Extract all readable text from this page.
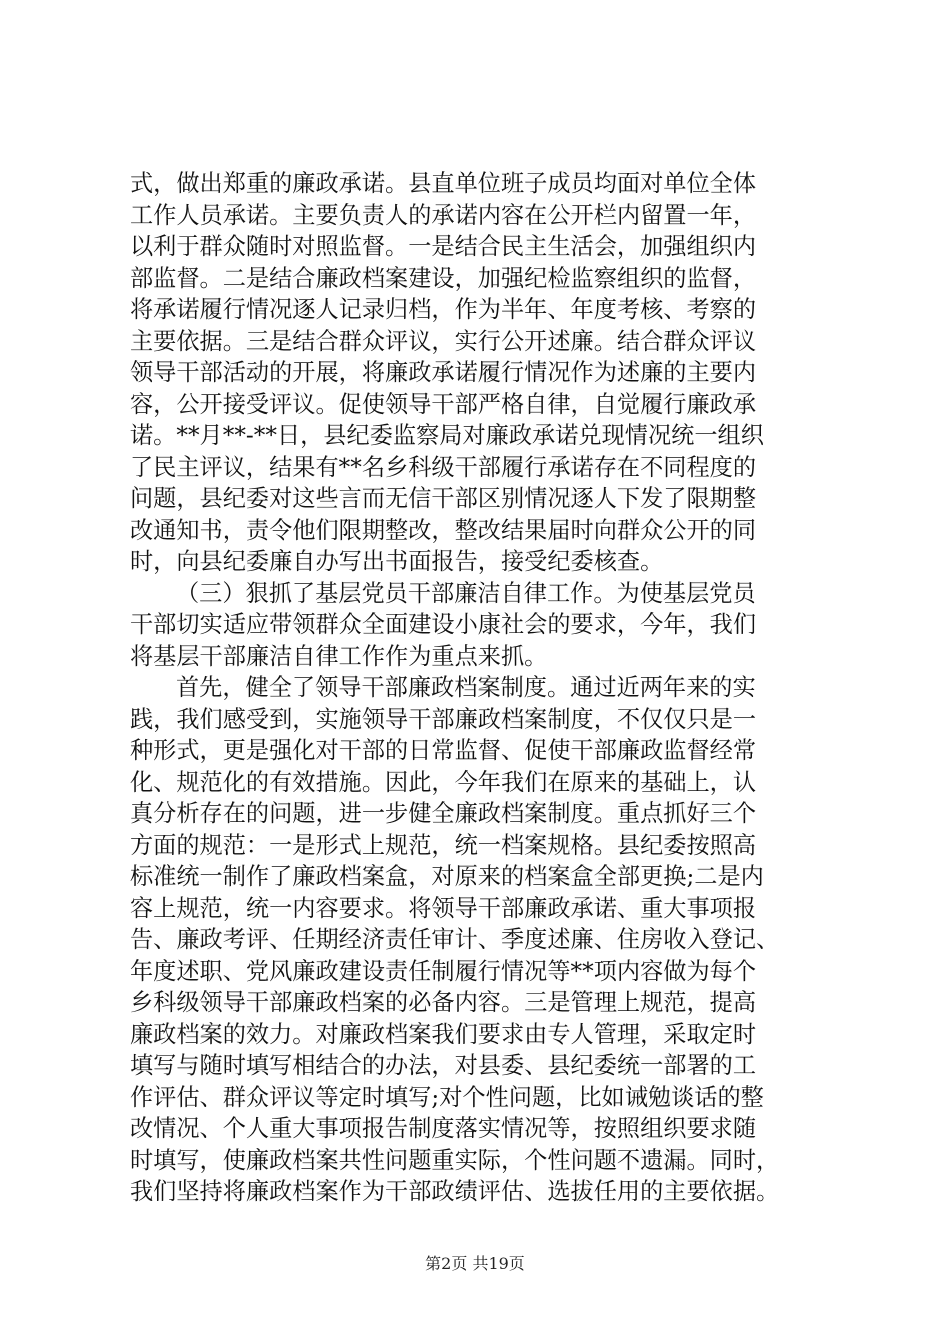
式，做出郑重的廉政承诺。县直单位班子成员均面对单位全体
工作人员承诺。主要负责人的承诺内容在公开栏内留置一年，
以利于群众随时对照监督。一是结合民主生活会，加强组织内
部监督。二是结合廉政档案建设，加强纪检监察组织的监督，
将承诺履行情况逐人记录归档，作为半年、年度考核、考察的
主要依据。三是结合群众评议，实行公开述廉。结合群众评议
领导干部活动的开展，将廉政承诺履行情况作为述廉的主要内
容，公开接受评议。促使领导干部严格自律，自觉履行廉政承
诺。**月**-**日，县纪委监察局对廉政承诺兑现情况统一组织
了民主评议，结果有**名乡科级干部履行承诺存在不同程度的
问题，县纪委对这些言而无信干部区别情况逐人下发了限期整
改通知书，责令他们限期整改，整改结果届时向群众公开的同
时，向县纪委廉自办写出书面报告，接受纪委核查。
（三）狠抓了基层党员干部廉洁自律工作。为使基层党员
干部切实适应带领群众全面建设小康社会的要求，今年，我们
将基层干部廉洁自律工作作为重点来抓。
首先，健全了领导干部廉政档案制度。通过近两年来的实
践，我们感受到，实施领导干部廉政档案制度，不仅仅只是一
种形式，更是强化对干部的日常监督、促使干部廉政监督经常
化、规范化的有效措施。因此，今年我们在原来的基础上，认
真分析存在的问题，进一步健全廉政档案制度。重点抓好三个
方面的规范：一是形式上规范，统一档案规格。县纪委按照高
标准统一制作了廉政档案盒，对原来的档案盒全部更换;二是内
容上规范，统一内容要求。将领导干部廉政承诺、重大事项报
告、廉政考评、任期经济责任审计、季度述廉、住房收入登记、
年度述职、党风廉政建设责任制履行情况等**项内容做为每个
乡科级领导干部廉政档案的必备内容。三是管理上规范，提高
廉政档案的效力。对廉政档案我们要求由专人管理，采取定时
填写与随时填写相结合的办法，对县委、县纪委统一部署的工
作评估、群众评议等定时填写;对个性问题，比如诫勉谈话的整
改情况、个人重大事项报告制度落实情况等，按照组织要求随
时填写，使廉政档案共性问题重实际，个性问题不遗漏。同时，
我们坚持将廉政档案作为干部政绩评估、选拔任用的主要依据。
第2页 共19页
